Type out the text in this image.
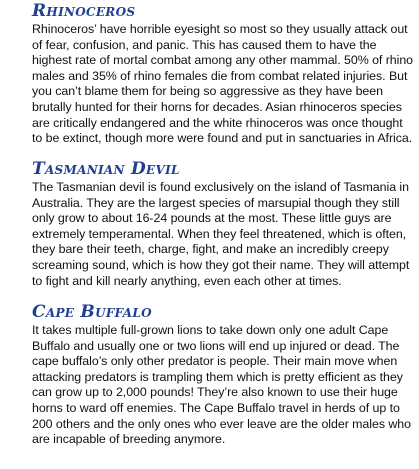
Rhinoceros

Rhinoceros’ have horrible eyesight so most so they usually attack out of fear, confusion, and panic. This has caused them to have the highest rate of mortal combat among any other mammal. 50% of rhino males and 35% of rhino females die from combat related injuries. But you can’t blame them for being so aggressive as they have been brutally hunted for their horns for decades. Asian rhinoceros species are critically endangered and the white rhinoceros was once thought to be extinct, though more were found and put in sanctuaries in Africa.

Tasmanian Devil

The Tasmanian devil is found exclusively on the island of Tasmania in Australia. They are the largest species of marsupial though they still only grow to about 16-24 pounds at the most. These little guys are extremely temperamental. When they feel threatened, which is often, they bare their teeth, charge, fight, and make an incredibly creepy screaming sound, which is how they got their name. They will attempt to fight and kill nearly anything, even each other at times.

Cape Buffalo

It takes multiple full-grown lions to take down only one adult Cape Buffalo and usually one or two lions will end up injured or dead. The cape buffalo’s only other predator is people. Their main move when attacking predators is trampling them which is pretty efficient as they can grow up to 2,000 pounds! They’re also known to use their huge horns to ward off enemies. The Cape Buffalo travel in herds of up to 200 others and the only ones who ever leave are the older males who are incapable of breeding anymore.
